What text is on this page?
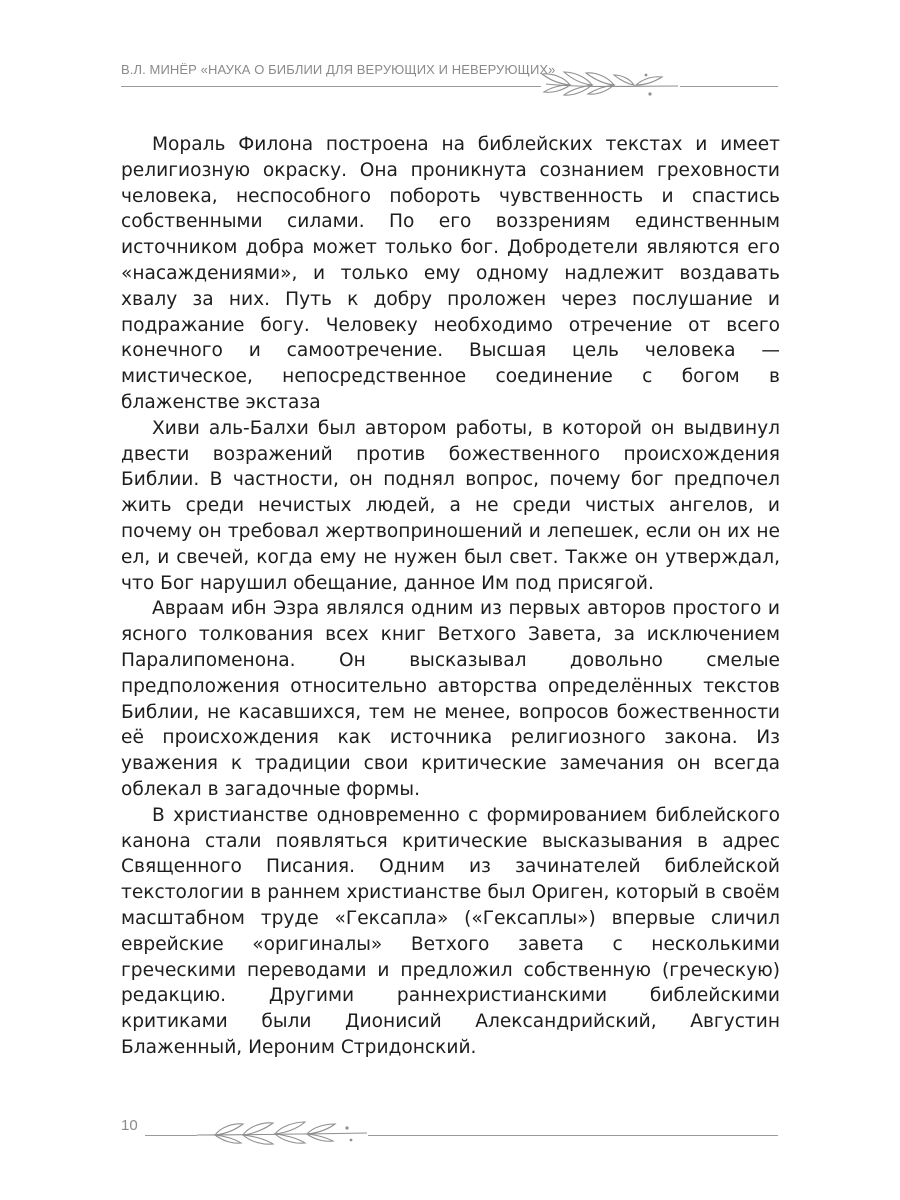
В.Л. МИНЁР «НАУКА О БИБЛИИ ДЛЯ ВЕРУЮЩИХ И НЕВЕРУЮЩИХ»

Мораль Филона построена на библейских текстах и имеет религиозную окраску. Она проникнута сознанием греховности человека, неспособного побороть чувственность и спастись собственными силами. По его воззрениям единственным источником добра может только бог. Добродетели являются его «насаждениями», и только ему одному надлежит воздавать хвалу за них. Путь к добру проложен через послушание и подражание богу. Человеку необходимо отречение от всего конечного и самоотречение. Высшая цель человека — мистическое, непосредственное соединение с богом в блаженстве экстаза

Хиви аль-Балхи был автором работы, в которой он выдвинул двести возражений против божественного происхождения Библии. В частности, он поднял вопрос, почему бог предпочел жить среди нечистых людей, а не среди чистых ангелов, и почему он требовал жертвоприношений и лепешек, если он их не ел, и свечей, когда ему не нужен был свет. Также он утверждал, что Бог нарушил обещание, данное Им под присягой.

Авраам ибн Эзра являлся одним из первых авторов простого и ясного толкования всех книг Ветхого Завета, за исключением Паралипоменона. Он высказывал довольно смелые предположения относительно авторства определённых текстов Библии, не касавшихся, тем не менее, вопросов божественности её происхождения как источника религиозного закона. Из уважения к традиции свои критические замечания он всегда облекал в загадочные формы.

В христианстве одновременно с формированием библейского канона стали появляться критические высказывания в адрес Священного Писания. Одним из зачинателей библейской текстологии в раннем христианстве был Ориген, который в своём масштабном труде «Гексапла» («Гексаплы») впервые сличил еврейские «оригиналы» Ветхого завета с несколькими греческими переводами и предложил собственную (греческую) редакцию. Другими раннехристианскими библейскими критиками были Дионисий Александрийский, Августин Блаженный, Иероним Стридонский.

10
